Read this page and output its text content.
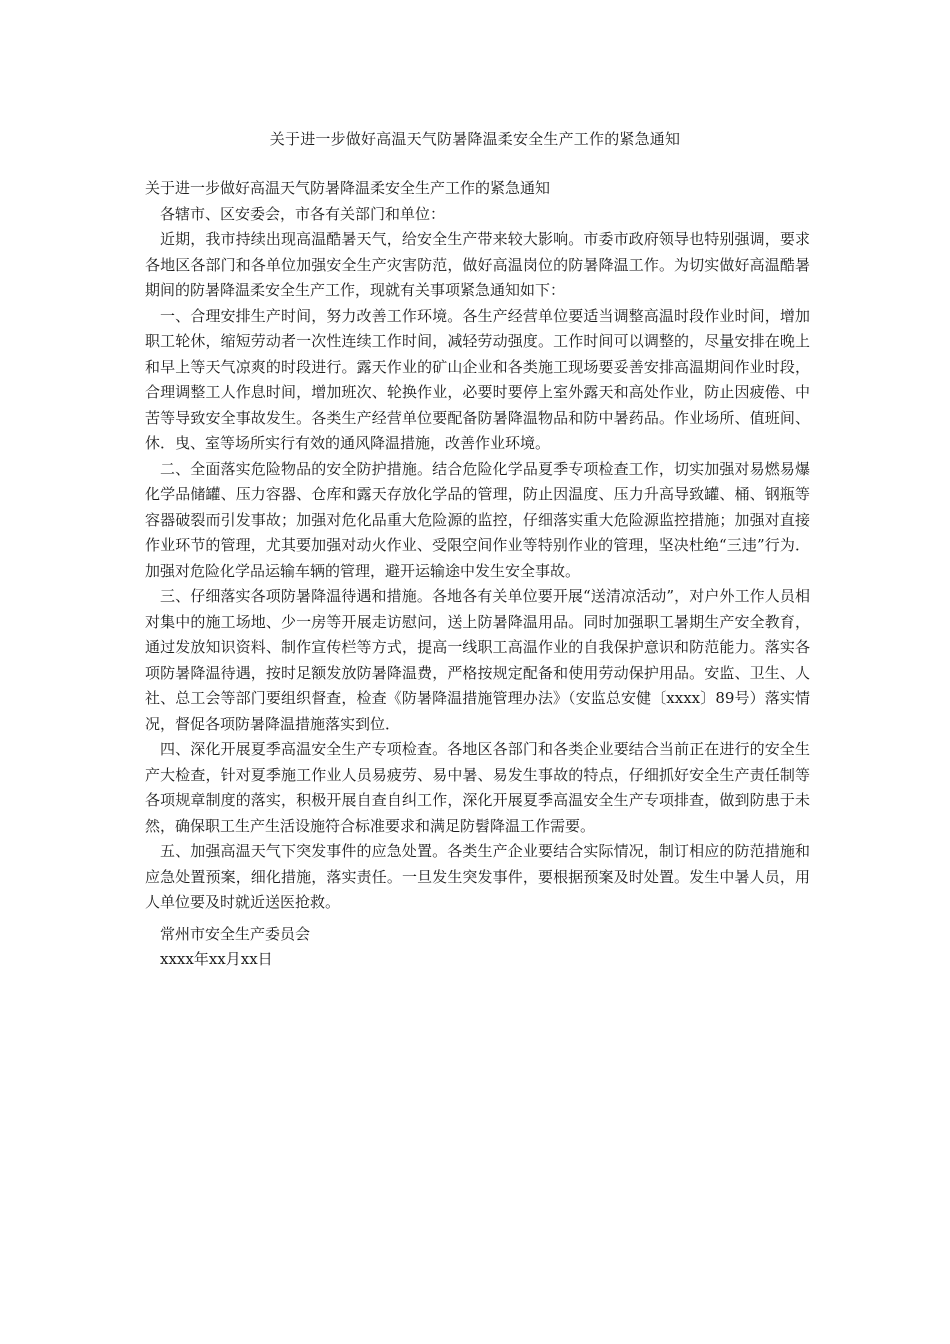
关于进一步做好高温天气防暑降温柔安全生产工作的紧急通知

关于进一步做好高温天气防暑降温柔安全生产工作的紧急通知

各辖市、区安委会，市各有关部门和单位：

近期，我市持续出现高温酷暑天气，给安全生产带来较大影响。市委市政府领导也特别强调，要求各地区各部门和各单位加强安全生产灾害防范，做好高温岗位的防暑降温工作。为切实做好高温酷暑期间的防暑降温柔安全生产工作，现就有关事项紧急通知如下：

一、合理安排生产时间，努力改善工作环境。各生产经营单位要适当调整高温时段作业时间，增加职工轮休，缩短劳动者一次性连续工作时间，减轻劳动强度。工作时间可以调整的，尽量安排在晚上和早上等天气凉爽的时段进行。露天作业的矿山企业和各类施工现场要妥善安排高温期间作业时段，合理调整工人作息时间，增加班次、轮换作业，必要时要停上室外露天和高处作业，防止因疲倦、中苦等导致安全事故发生。各类生产经营单位要配备防暑降温物品和防中暑药品。作业场所、值班间、休．曳、室等场所实行有效的通风降温措施，改善作业环境。

二、全面落实危险物品的安全防护措施。结合危险化学品夏季专项检查工作，切实加强对易燃易爆化学品储罐、压力容器、仓库和露天存放化学品的管理，防止因温度、压力升高导致罐、桶、钢瓶等容器破裂而引发事故；加强对危化品重大危险源的监控，仔细落实重大危险源监控措施；加强对直接作业环节的管理，尤其要加强对动火作业、受限空间作业等特别作业的管理，坚决杜绝“三违”行为．加强对危险化学品运输车辆的管理，避开运输途中发生安全事故。

三、仔细落实各项防暑降温待遇和措施。各地各有关单位要开展“送清凉活动”，对户外工作人员相对集中的施工场地、少一房等开展走访慰问，送上防暑降温用品。同时加强职工暑期生产安全教育，通过发放知识资料、制作宣传栏等方式，提高一线职工高温作业的自我保护意识和防范能力。落实各项防暑降温待遇，按时足额发放防暑降温费，严格按规定配备和使用劳动保护用品。安监、卫生、人社、总工会等部门要组织督查，检查《防暑降温措施管理办法》（安监总安健〔xxxx〕89号）落实情况，督促各项防暑降温措施落实到位．

四、深化开展夏季高温安全生产专项检查。各地区各部门和各类企业要结合当前正在进行的安全生产大检查，针对夏季施工作业人员易疲劳、易中暑、易发生事故的特点，仔细抓好安全生产责任制等各项规章制度的落实，积极开展自查自纠工作，深化开展夏季高温安全生产专项排查，做到防患于未然，确保职工生产生活设施符合标准要求和满足防髫降温工作需要。

五、加强高温天气下突发事件的应急处置。各类生产企业要结合实际情况，制订相应的防范措施和应急处置预案，细化措施，落实责任。一旦发生突发事件，要根据预案及时处置。发生中暑人员，用人单位要及时就近送医抢救。

常州市安全生产委员会
xxxx年xx月xx日
